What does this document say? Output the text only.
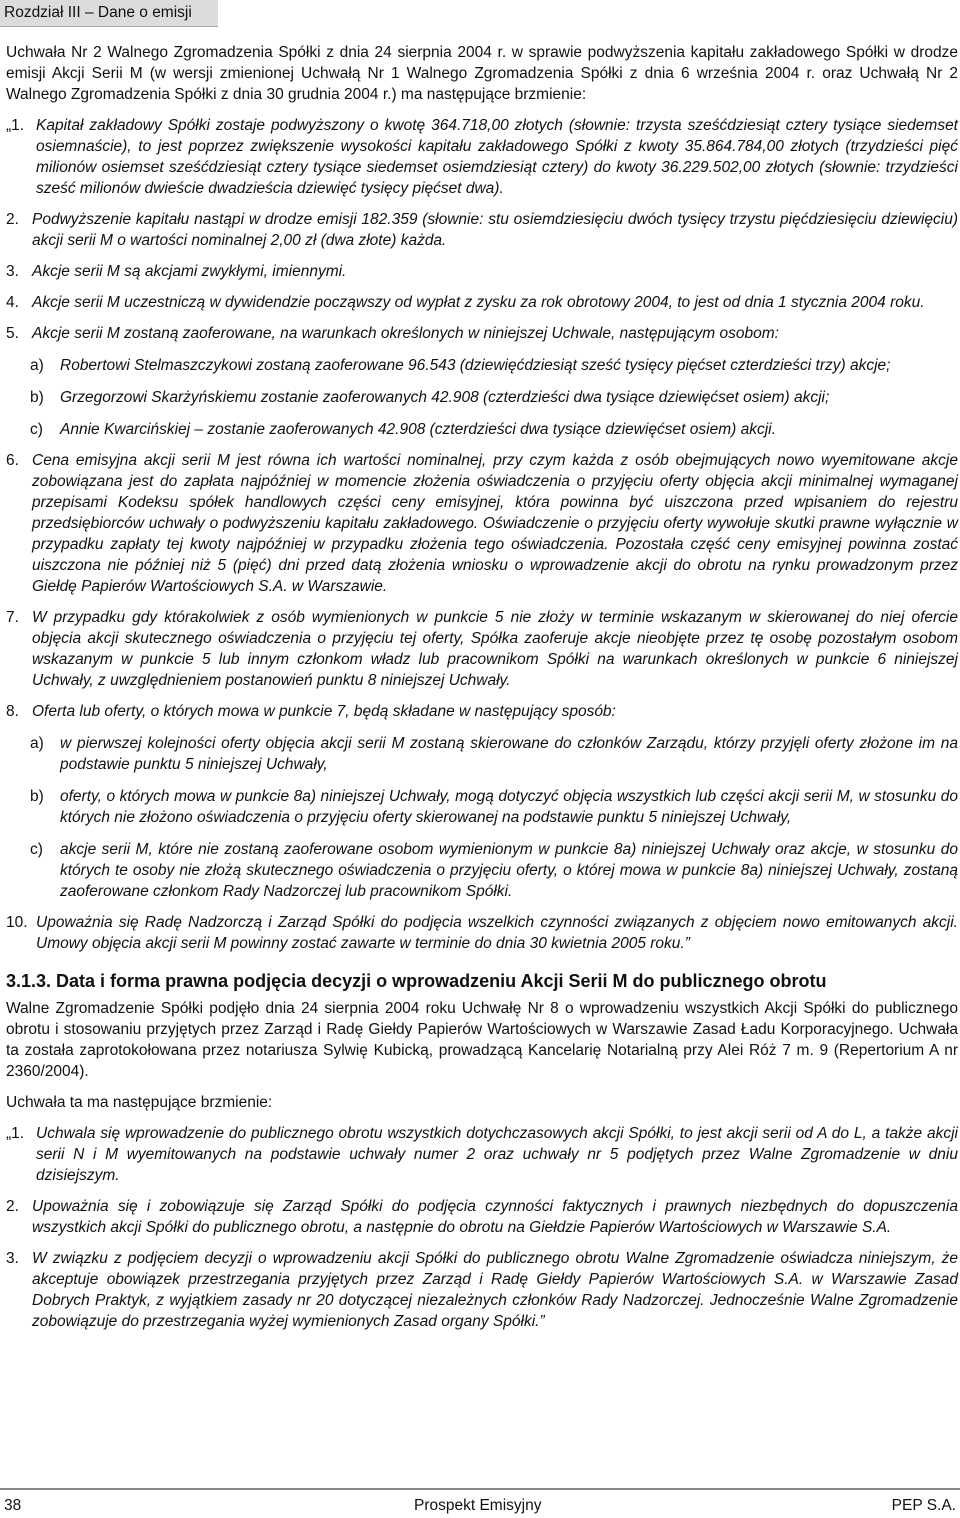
Rozdział III – Dane o emisji

Uchwała Nr 2 Walnego Zgromadzenia Spółki z dnia 24 sierpnia 2004 r. w sprawie podwyższenia kapitału zakładowego Spółki w drodze emisji Akcji Serii M (w wersji zmienionej Uchwałą Nr 1 Walnego Zgromadzenia Spółki z dnia 6 września 2004 r. oraz Uchwałą Nr 2 Walnego Zgromadzenia Spółki z dnia 30 grudnia 2004 r.) ma następujące brzmienie:

„1. Kapitał zakładowy Spółki zostaje podwyższony o kwotę 364.718,00 złotych (słownie: trzysta sześćdziesiąt cztery tysiące siedemset osiemnaście), to jest poprzez zwiększenie wysokości kapitału zakładowego Spółki z kwoty 35.864.784,00 złotych (trzydzieści pięć milionów osiemset sześćdziesiąt cztery tysiące siedemset osiemdziesiąt cztery) do kwoty 36.229.502,00 złotych (słownie: trzydzieści sześć milionów dwieście dwadzieścia dziewięć tysięcy pięćset dwa).

2. Podwyższenie kapitału nastąpi w drodze emisji 182.359 (słownie: stu osiemdziesięciu dwóch tysięcy trzystu pięćdziesięciu dziewięciu) akcji serii M o wartości nominalnej 2,00 zł (dwa złote) każda.

3. Akcje serii M są akcjami zwykłymi, imiennymi.

4. Akcje serii M uczestniczą w dywidendzie począwszy od wypłat z zysku za rok obrotowy 2004, to jest od dnia 1 stycznia 2004 roku.

5. Akcje serii M zostaną zaoferowane, na warunkach określonych w niniejszej Uchwale, następującym osobom:

a)	Robertowi Stelmaszczykowi zostaną zaoferowane 96.543 (dziewięćdziesiąt sześć tysięcy pięćset czterdzieści trzy) akcje;

b)	Grzegorzowi Skarżyńskiemu zostanie zaoferowanych 42.908 (czterdzieści dwa tysiące dziewięćset osiem) akcji;

c)	Annie Kwarcińskiej – zostanie zaoferowanych 42.908 (czterdzieści dwa tysiące dziewięćset osiem) akcji.

6. Cena emisyjna akcji serii M jest równa ich wartości nominalnej, przy czym każda z osób obejmujących nowo wyemitowane akcje zobowiązana jest do zapłata najpóźniej w momencie złożenia oświadczenia o przyjęciu oferty objęcia akcji minimalnej wymaganej przepisami Kodeksu spółek handlowych części ceny emisyjnej, która powinna być uiszczona przed wpisaniem do rejestru przedsiębiorców uchwały o podwyższeniu kapitału zakładowego. Oświadczenie o przyjęciu oferty wywołuje skutki prawne wyłącznie w przypadku zapłaty tej kwoty najpóźniej w przypadku złożenia tego oświadczenia. Pozostała część ceny emisyjnej powinna zostać uiszczona nie później niż 5 (pięć) dni przed datą złożenia wniosku o wprowadzenie akcji do obrotu na rynku prowadzonym przez Giełdę Papierów Wartościowych S.A. w Warszawie.

7. W przypadku gdy którakolwiek z osób wymienionych w punkcie 5 nie złoży w terminie wskazanym w skierowanej do niej ofercie objęcia akcji skutecznego oświadczenia o przyjęciu tej oferty, Spółka zaoferuje akcje nieobjęte przez tę osobę pozostałym osobom wskazanym w punkcie 5 lub innym członkom władz lub pracownikom Spółki na warunkach określonych w punkcie 6 niniejszej Uchwały, z uwzględnieniem postanowień punktu 8 niniejszej Uchwały.

8. Oferta lub oferty, o których mowa w punkcie 7, będą składane w następujący sposób:

a)	w pierwszej kolejności oferty objęcia akcji serii M zostaną skierowane do członków Zarządu, którzy przyjęli oferty złożone im na podstawie punktu 5 niniejszej Uchwały,

b)	oferty, o których mowa w punkcie 8a) niniejszej Uchwały, mogą dotyczyć objęcia wszystkich lub części akcji serii M, w stosunku do których nie złożono oświadczenia o przyjęciu oferty skierowanej na podstawie punktu 5 niniejszej Uchwały,

c)	akcje serii M, które nie zostaną zaoferowane osobom wymienionym w punkcie 8a) niniejszej Uchwały oraz akcje, w stosunku do których te osoby nie złożą skutecznego oświadczenia o przyjęciu oferty, o której mowa w punkcie 8a) niniejszej Uchwały, zostaną zaoferowane członkom Rady Nadzorczej lub pracownikom Spółki.

10. Upoważnia się Radę Nadzorczą i Zarząd Spółki do podjęcia wszelkich czynności związanych z objęciem nowo emitowanych akcji. Umowy objęcia akcji serii M powinny zostać zawarte w terminie do dnia 30 kwietnia 2005 roku.”

3.1.3. Data i forma prawna podjęcia decyzji o wprowadzeniu Akcji Serii M do publicznego obrotu

Walne Zgromadzenie Spółki podjęło dnia 24 sierpnia 2004 roku Uchwałę Nr 8 o wprowadzeniu wszystkich Akcji Spółki do publicznego obrotu i stosowaniu przyjętych przez Zarząd i Radę Giełdy Papierów Wartościowych w Warszawie Zasad Ładu Korporacyjnego. Uchwała ta została zaprotokołowana przez notariusza Sylwię Kubicką, prowadzącą Kancelarię Notarialną przy Alei Róż 7 m. 9 (Repertorium A nr 2360/2004).

Uchwała ta ma następujące brzmienie:

„1. Uchwala się wprowadzenie do publicznego obrotu wszystkich dotychczasowych akcji Spółki, to jest akcji serii od A do L, a także akcji serii N i M wyemitowanych na podstawie uchwały numer 2 oraz uchwały nr 5 podjętych przez Walne Zgromadzenie w dniu dzisiejszym.

2. Upoważnia się i zobowiązuje się Zarząd Spółki do podjęcia czynności faktycznych i prawnych niezbędnych do dopuszczenia wszystkich akcji Spółki do publicznego obrotu, a następnie do obrotu na Giełdzie Papierów Wartościowych w Warszawie S.A.

3. W związku z podjęciem decyzji o wprowadzeniu akcji Spółki do publicznego obrotu Walne Zgromadzenie oświadcza niniejszym, że akceptuje obowiązek przestrzegania przyjętych przez Zarząd i Radę Giełdy Papierów Wartościowych S.A. w Warszawie Zasad Dobrych Praktyk, z wyjątkiem zasady nr 20 dotyczącej niezależnych członków Rady Nadzorczej. Jednocześnie Walne Zgromadzenie zobowiązuje do przestrzegania wyżej wymienionych Zasad organy Spółki.”

38	Prospekt Emisyjny	PEP S.A.
